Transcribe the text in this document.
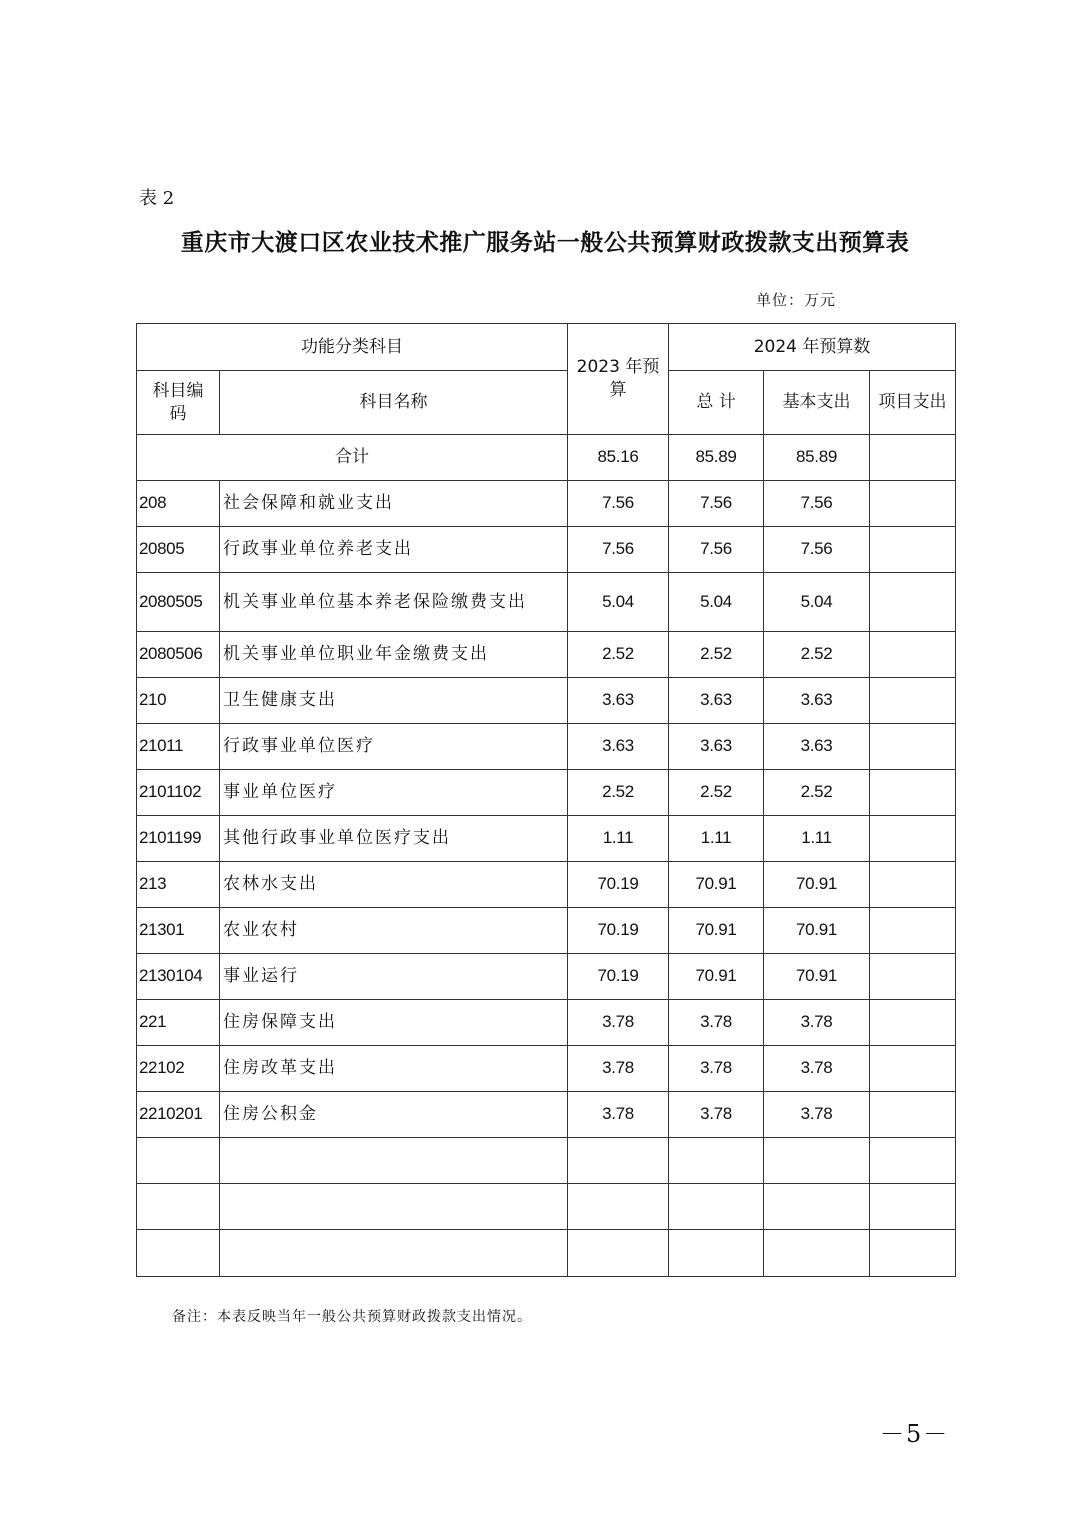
表 2
重庆市大渡口区农业技术推广服务站一般公共预算财政拨款支出预算表
单位：万元
功能分类科目		2023 年预算	2024 年预算数		
科目编码	科目名称		总 计	基本支出	项目支出
合计		85.16	85.89	85.89	
208	社会保障和就业支出	7.56	7.56	7.56	
20805	行政事业单位养老支出	7.56	7.56	7.56	
2080505	机关事业单位基本养老保险缴费支出	5.04	5.04	5.04	
2080506	机关事业单位职业年金缴费支出	2.52	2.52	2.52	
210	卫生健康支出	3.63	3.63	3.63	
21011	行政事业单位医疗	3.63	3.63	3.63	
2101102	事业单位医疗	2.52	2.52	2.52	
2101199	其他行政事业单位医疗支出	1.11	1.11	1.11	
213	农林水支出	70.19	70.91	70.91	
21301	农业农村	70.19	70.91	70.91	
2130104	事业运行	70.19	70.91	70.91	
221	住房保障支出	3.78	3.78	3.78	
22102	住房改革支出	3.78	3.78	3.78	
2210201	住房公积金	3.78	3.78	3.78	

备注：本表反映当年一般公共预算财政拨款支出情况。
－5－
